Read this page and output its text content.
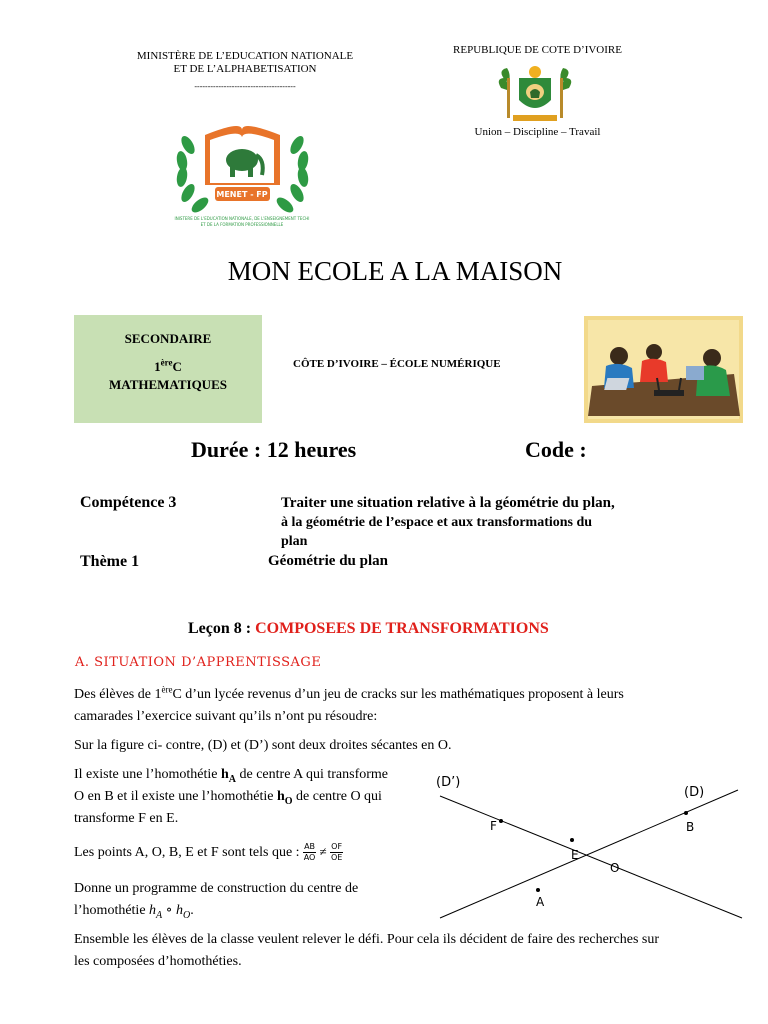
MINISTÈRE DE L’EDUCATION NATIONALE
ET DE L’ALPHABETISATION
--------------------------------------
MENET - FP
INISTERE DE L'EDUCATION NATIONALE, DE L'ENSEIGNEMENT TECHI
ET DE LA FORMATION PROFESSIONNELLE
REPUBLIQUE DE COTE D’IVOIRE
Union – Discipline – Travail
MON ECOLE A LA MAISON
SECONDAIRE
1èreC
MATHEMATIQUES
CÔTE D’IVOIRE – ÉCOLE NUMÉRIQUE
Durée : 12 heures	Code :
Compétence 3	Traiter une situation relative à la géométrie du plan,
à la géométrie de l’espace et aux transformations du
plan
Thème 1	Géométrie du plan
Leçon 8 : COMPOSEES DE TRANSFORMATIONS
A. SITUATION D’APPRENTISSAGE
Des élèves de 1èreC d’un lycée revenus d’un jeu de cracks sur les mathématiques proposent à leurs
camarades l’exercice suivant qu’ils n’ont pu résoudre:
Sur la figure ci- contre, (D) et (D’) sont deux droites sécantes en O.
Il existe une l’homothétie $h_A$ de centre A qui transforme
O en B et il existe une l’homothétie $h_O$ de centre O qui
transforme F en E.
Les points A, O, B, E et F sont tels que : $\frac{AB}{AO} \ne \frac{OF}{OE}$
Donne un programme de construction du centre de
l’homothétie $h_A$ ∘ $h_O$.
Ensemble les élèves de la classe veulent relever le défi. Pour cela ils décident de faire des recherches sur
les composées d’homothéties.
(D’)
(D)
F	B
E
O
A
